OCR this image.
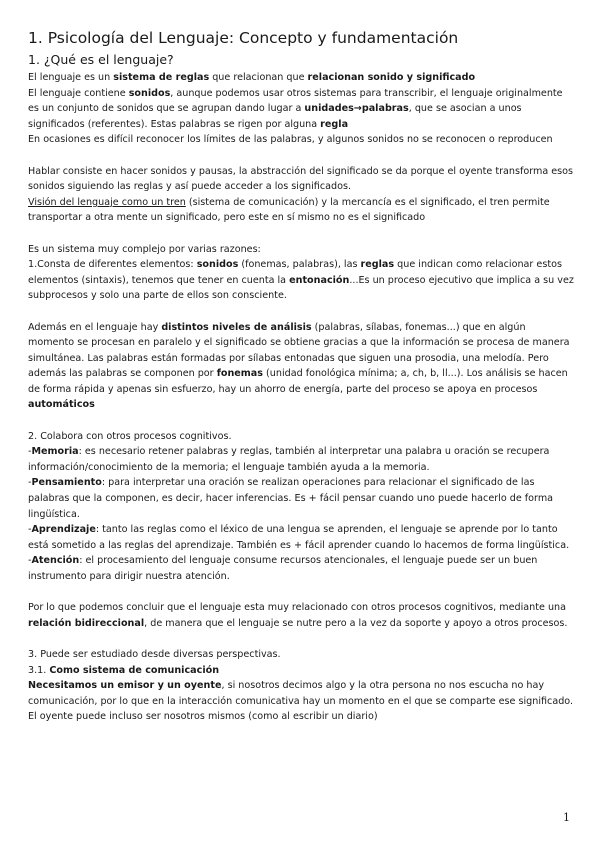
1. Psicología del Lenguaje: Concepto y fundamentación
1. ¿Qué es el lenguaje?

El lenguaje es un sistema de reglas que relacionan que relacionan sonido y significado

El lenguaje contiene sonidos, aunque podemos usar otros sistemas para transcribir, el lenguaje originalmente es un conjunto de sonidos que se agrupan dando lugar a unidades→palabras, que se asocian a unos significados (referentes). Estas palabras se rigen por alguna regla

En ocasiones es difícil reconocer los límites de las palabras, y algunos sonidos no se reconocen o reproducen

Hablar consiste en hacer sonidos y pausas, la abstracción del significado se da porque el oyente transforma esos sonidos siguiendo las reglas y así puede acceder a los significados.

Visión del lenguaje como un tren (sistema de comunicación) y la mercancía es el significado, el tren permite transportar a otra mente un significado, pero este en sí mismo no es el significado

Es un sistema muy complejo por varias razones:

1.Consta de diferentes elementos: sonidos (fonemas, palabras), las reglas que indican como relacionar estos elementos (sintaxis), tenemos que tener en cuenta la entonación...Es un proceso ejecutivo que implica a su vez subprocesos y solo una parte de ellos son consciente.

Además en el lenguaje hay distintos niveles de análisis (palabras, sílabas, fonemas...) que en algún momento se procesan en paralelo y el significado se obtiene gracias a que la información se procesa de manera simultánea. Las palabras están formadas por sílabas entonadas que siguen una prosodia, una melodía. Pero además las palabras se componen por fonemas (unidad fonológica mínima; a, ch, b, ll...). Los análisis se hacen de forma rápida y apenas sin esfuerzo, hay un ahorro de energía, parte del proceso se apoya en procesos automáticos

2. Colabora con otros procesos cognitivos.

-Memoria: es necesario retener palabras y reglas, también al interpretar una palabra u oración se recupera información/conocimiento de la memoria; el lenguaje también ayuda a la memoria.

-Pensamiento: para interpretar una oración se realizan operaciones para relacionar el significado de las palabras que la componen, es decir, hacer inferencias. Es + fácil pensar cuando uno puede hacerlo de forma lingüística.

-Aprendizaje: tanto las reglas como el léxico de una lengua se aprenden, el lenguaje se aprende por lo tanto está sometido a las reglas del aprendizaje. También es + fácil aprender cuando lo hacemos de forma lingüística.

-Atención: el procesamiento del lenguaje consume recursos atencionales, el lenguaje puede ser un buen instrumento para dirigir nuestra atención.

Por lo que podemos concluir que el lenguaje esta muy relacionado con otros procesos cognitivos, mediante una relación bidireccional, de manera que el lenguaje se nutre pero a la vez da soporte y apoyo a otros procesos.

3. Puede ser estudiado desde diversas perspectivas.

3.1. Como sistema de comunicación

Necesitamos un emisor y un oyente, si nosotros decimos algo y la otra persona no nos escucha no hay comunicación, por lo que en la interacción comunicativa hay un momento en el que se comparte ese significado. El oyente puede incluso ser nosotros mismos (como al escribir un diario)

1
